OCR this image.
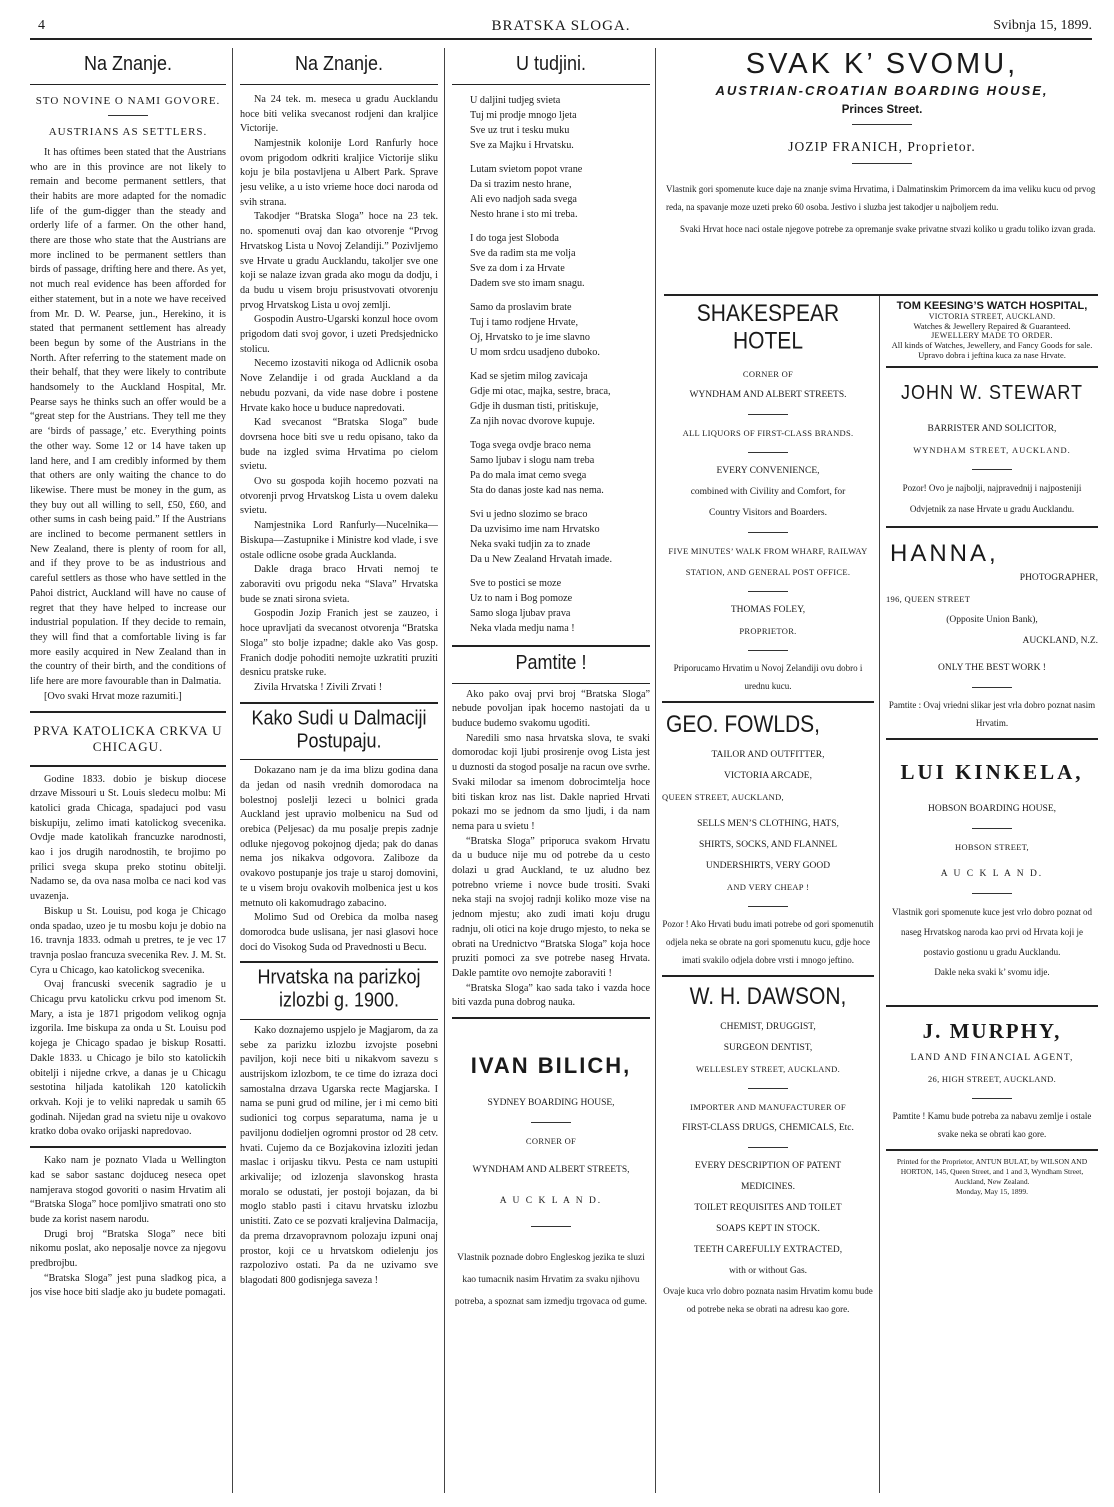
4	BRATSKA SLOGA.	Svibnja 15, 1899.
Na Znanje.
STO NOVINE O NAMI GOVORE.
AUSTRIANS AS SETTLERS.

It has oftimes been stated that the Austrians who are in this province are not likely to remain and become permanent settlers, that their habits are more adapted for the nomadic life of the gum-digger than the steady and orderly life of a farmer. On the other hand, there are those who state that the Austrians are more inclined to be permanent settlers than birds of passage, drifting here and there. As yet, not much real evidence has been afforded for either statement, but in a note we have received from Mr. D. W. Pearse, jun., Herekino, it is stated that permanent settlement has already been begun by some of the Austrians in the North. After referring to the statement made on their behalf, that they were likely to contribute handsomely to the Auckland Hospital, Mr. Pearse says he thinks such an offer would be a “great step for the Austrians. They tell me they are ‘birds of passage,’ etc. Everything points the other way. Some 12 or 14 have taken up land here, and I am credibly informed by them that others are only waiting the chance to do likewise. There must be money in the gum, as they buy out all willing to sell, £50, £60, and other sums in cash being paid.” If the Austrians are inclined to become permanent settlers in New Zealand, there is plenty of room for all, and if they prove to be as industrious and careful settlers as those who have settled in the Pahoi district, Auckland will have no cause of regret that they have helped to increase our industrial population. If they decide to remain, they will find that a comfortable living is far more easily acquired in New Zealand than in the country of their birth, and the conditions of life here are more favourable than in Dalmatia.

[Ovo svaki Hrvat moze razumiti.]

PRVA KATOLICKA CRKVA U CHICAGU.

Godine 1833. dobio je biskup diocese drzave Missouri u St. Louis sledecu molbu: Mi katolici grada Chicaga, spadajuci pod vasu biskupiju, zelimo imati katolickog svecenika. Ovdje made katolikah francuzke narodnosti, kao i jos drugih narodnostih, te brojimo po prilici svega skupa preko stotinu obitelji. Nadamo se, da ova nasa molba ce naci kod vas uvazenja.

Biskup u St. Louisu, pod koga je Chicago onda spadao, uzeo je tu mosbu koju je dobio na 16. travnja 1833. odmah u pretres, te je vec 17 travnja poslao francuza svecenika Rev. J. M. St. Cyra u Chicago, kao katolickog svecenika.

Ovaj francuski svecenik sagradio je u Chicagu prvu katolicku crkvu pod imenom St. Mary, a ista je 1871 prigodom velikog ognja izgorila. Ime biskupa za onda u St. Louisu pod kojega je Chicago spadao je biskup Rosatti. Dakle 1833. u Chicago je bilo sto katolickih obitelji i nijedne crkve, a danas je u Chicagu sestotina hiljada katolikah 120 katolickih orkvah. Koji je to veliki napredak u samih 65 godinah. Nijedan grad na svietu nije u ovakovo kratko doba ovako orijaski napredovao.

Kako nam je poznato Vlada u Wellington kad se sabor sastanc dojduceg neseca opet namjerava stogod govoriti o nasim Hrvatim ali “Bratska Sloga” hoce pomljivo smatrati ono sto bude za korist nasem narodu.

Drugi broj “Bratska Sloga” nece biti nikomu poslat, ako neposalje novce za njegovu predbrojbu.

“Bratska Sloga” jest puna sladkog pica, a jos vise hoce biti sladje ako ju budete pomagati.

Na Znanje.

Na 24 tek. m. meseca u gradu Aucklandu hoce biti velika svecanost rodjeni dan kraljice Victorije.

Namjestnik kolonije Lord Ranfurly hoce ovom prigodom odkriti kraljice Victorije sliku koju je bila postavljena u Albert Park. Sprave jesu velike, a u isto vrieme hoce doci naroda od svih strana.

Takodjer “Bratska Sloga” hoce na 23 tek. no. spomenuti ovaj dan kao otvorenje “Prvog Hrvatskog Lista u Novoj Zelandiji.” Pozivljemo sve Hrvate u gradu Aucklandu, takoljer sve one koji se nalaze izvan grada ako mogu da dodju, i da budu u visem broju prisustvovati otvorenju prvog Hrvatskog Lista u ovoj zemlji.

Gospodin Austro-Ugarski konzul hoce ovom prigodom dati svoj govor, i uzeti Predsjednicko stolicu.

Necemo izostaviti nikoga od Adlicnik osoba Nove Zelandije i od grada Auckland a da nebudu pozvani, da vide nase dobre i postene Hrvate kako hoce u buduce napredovati.

Kad svecanost “Bratska Sloga” bude dovrsena hoce biti sve u redu opisano, tako da bude na izgled svima Hrvatima po cielom svietu.

Ovo su gospoda kojih hocemo pozvati na otvorenji prvog Hrvatskog Lista u ovem daleku svietu.

Namjestnika Lord Ranfurly—Nucelnika—Biskupa—Zastupnike i Ministre kod vlade, i sve ostale odlicne osobe grada Aucklanda.

Dakle draga braco Hrvati nemoj te zaboraviti ovu prigodu neka “Slava” Hrvatska bude se znati sirona svieta.

Gospodin Jozip Franich jest se zauzeo, i hoce upravljati da svecanost otvorenja “Bratska Sloga” sto bolje izpadne; dakle ako Vas gosp. Franich dodje pohoditi nemojte uzkratiti pruziti desnicu pratske ruke.

Zivila Hrvatska ! Zivili Zrvati !

Kako Sudi u Dalmaciji Postupaju.

Dokazano nam je da ima blizu godina dana da jedan od nasih vrednih domorodaca na bolestnoj poslelji lezeci u bolnici grada Auckland jest upravio molbenicu na Sud od orebica (Peljesac) da mu posalje prepis zadnje odluke njegovog pokojnog djeda; pak do danas nema jos nikakva odgovora. Zaliboze da ovakovo postupanje jos traje u staroj domovini, te u visem broju ovakovih molbenica jest u kos metnuto oli kakomudrago zabacino.

Molimo Sud od Orebica da molba naseg domorodca bude uslisana, jer nasi glasovi hoce doci do Visokog Suda od Pravednosti u Becu.

Hrvatska na parizkoj izlozbi g. 1900.

Kako doznajemo uspjelo je Magjarom, da za sebe za parizku izlozbu izvojste posebni paviljon, koji nece biti u nikakvom savezu s austrijskom izlozbom, te ce time do izraza doci samostalna drzava Ugarska recte Magjarska. I nama se puni grud od miline, jer i mi cemo biti sudionici tog corpus separatuma, nama je u paviljonu dodieljen ogromni prostor od 28 cetv. hvati. Cujemo da ce Bozjakovina izloziti jedan maslac i orijasku tikvu. Pesta ce nam ustupiti arkivalije; od izlozenja slavonskog hrasta moralo se odustati, jer postoji bojazan, da bi moglo stablo pasti i citavu hrvatsku izlozbu unistiti. Zato ce se pozvati kraljevina Dalmacija, da prema drzavopravnom polozaju izpuni onaj prostor, koji ce u hrvatskom odielenju jos razpolozivo ostati. Pa da ne uzivamo sve blagodati 800 godisnjega saveza !

U tudjini.
U daljini tudjeg svieta
Tuj mi prodje mnogo ljeta
Sve uz trut i tesku muku
Sve za Majku i Hrvatsku.
Lutam svietom popot vrane
Da si trazim nesto hrane,
Ali evo nadjoh sada svega
Nesto hrane i sto mi treba.
I do toga jest Sloboda
Sve da radim sta me volja
Sve za dom i za Hrvate
Dadem sve sto imam snagu.
Samo da proslavim brate
Tuj i tamo rodjene Hrvate,
Oj, Hrvatsko to je ime slavno
U mom srdcu usadjeno duboko.
Kad se sjetim milog zavicaja
Gdje mi otac, majka, sestre, braca,
Gdje ih dusman tisti, pritiskuje,
Za njih novac dvorove kupuje.
Toga svega ovdje braco nema
Samo ljubav i slogu nam treba
Pa do mala imat cemo svega
Sta do danas joste kad nas nema.
Svi u jedno slozimo se braco
Da uzvisimo ime nam Hrvatsko
Neka svaki tudjin za to znade
Da u New Zealand Hrvatah imade.
Sve to postici se moze
Uz to nam i Bog pomoze
Samo sloga ljubav prava
Neka vlada medju nama !
Pamtite !

Ako pako ovaj prvi broj “Bratska Sloga” nebude povoljan ipak hocemo nastojati da u buduce budemo svakomu ugoditi.

Naredili smo nasa hrvatska slova, te svaki domorodac koji ljubi prosirenje ovog Lista jest u duznosti da stogod posalje na racun ove svrhe. Svaki milodar sa imenom dobrocimtelja hoce biti tiskan kroz nas list. Dakle napried Hrvati pokazi mo se jednom da smo ljudi, i da nam nema para u svietu !

“Bratska Sloga” priporuca svakom Hrvatu da u buduce nije mu od potrebe da u cesto dolazi u grad Auckland, te uz aludno bez potrebno vrieme i novce bude trositi. Svaki neka staji na svojoj radnji koliko moze vise na jednom mjestu; ako zudi imati koju drugu radnju, oli otici na koje drugo mjesto, to neka se obrati na Urednictvo “Bratska Sloga” koja hoce pruziti pomoci za sve potrebe naseg Hrvata. Dakle pamtite ovo nemojte zaboraviti !

“Bratska Sloga” kao sada tako i vazda hoce biti vazda puna dobrog nauka.

IVAN BILICH,
SYDNEY BOARDING HOUSE,
CORNER OF
WYNDHAM AND ALBERT STREETS,
A U C K L A N D.
Vlastnik poznade dobro Engleskog jezika te sluzi kao tumacnik nasim Hrvatim za svaku njihovu potreba, a spoznat sam izmedju trgovaca od gume.
SVAK K’ SVOMU,
AUSTRIAN-CROATIAN BOARDING HOUSE,
Princes Street.
JOZIP FRANICH, Proprietor.
Vlastnik gori spomenute kuce daje na znanje svima Hrvatima, i Dalmatinskim Primorcem da ima veliku kucu od prvog reda, na spavanje moze uzeti preko 60 osoba. Jestivo i sluzba jest takodjer u najboljem redu.
Svaki Hrvat hoce naci ostale njegove potrebe za opremanje svake privatne stvazi koliko u gradu toliko izvan grada.
SHAKESPEAR HOTEL
CORNER OF
WYNDHAM AND ALBERT STREETS.
ALL LIQUORS OF FIRST-CLASS BRANDS.
EVERY CONVENIENCE,
combined with Civility and Comfort, for
Country Visitors and Boarders.
FIVE MINUTES’ WALK FROM WHARF, RAILWAY
STATION, AND GENERAL POST OFFICE.
THOMAS FOLEY,
PROPRIETOR.
Priporucamo Hrvatim u Novoj Zelandiji ovu dobro i urednu kucu.
GEO. FOWLDS,
TAILOR AND OUTFITTER,
VICTORIA ARCADE,
QUEEN STREET, AUCKLAND,
SELLS MEN’S CLOTHING, HATS,
SHIRTS, SOCKS, AND FLANNEL
UNDERSHIRTS, VERY GOOD
AND VERY CHEAP !
Pozor ! Ako Hrvati budu imati potrebe od gori spomenutih odjela neka se obrate na gori spomenutu kucu, gdje hoce imati svakilo odjela dobre vrsti i mnogo jeftino.
W. H. DAWSON,
CHEMIST, DRUGGIST,
SURGEON DENTIST,
WELLESLEY STREET, AUCKLAND.
IMPORTER AND MANUFACTURER OF
FIRST-CLASS DRUGS, CHEMICALS, Etc.
EVERY DESCRIPTION OF PATENT
MEDICINES.
TOILET REQUISITES AND TOILET
SOAPS KEPT IN STOCK.
TEETH CAREFULLY EXTRACTED,
with or without Gas.
Ovaje kuca vrlo dobro poznata nasim Hrvatim komu bude od potrebe neka se obrati na adresu kao gore.
TOM KEESING’S WATCH HOSPITAL,
VICTORIA STREET, AUCKLAND.
Watches & Jewellery Repaired & Guaranteed.
JEWELLERY MADE TO ORDER.
All kinds of Watches, Jewellery, and Fancy Goods for sale.
Upravo dobra i jeftina kuca za nase Hrvate.
JOHN W. STEWART
BARRISTER AND SOLICITOR,
WYNDHAM STREET, AUCKLAND.
Pozor! Ovo je najbolji, najpravednij i najposteniji Odvjetnik za nase Hrvate u gradu Aucklandu.
HANNA,
PHOTOGRAPHER,
196, QUEEN STREET
(Opposite Union Bank),
AUCKLAND, N.Z.
ONLY THE BEST WORK !
Pamtite : Ovaj vriedni slikar jest vrla dobro poznat nasim Hrvatim.
LUI KINKELA,
HOBSON BOARDING HOUSE,
HOBSON STREET,
A U C K L A N D.
Vlastnik gori spomenute kuce jest vrlo dobro poznat od naseg Hrvatskog naroda kao prvi od Hrvata koji je postavio gostionu u gradu Aucklandu.
Dakle neka svaki k’ svomu idje.
J. MURPHY,
LAND AND FINANCIAL AGENT,
26, HIGH STREET, AUCKLAND.
Pamtite ! Kamu bude potreba za nabavu zemlje i ostale svake neka se obrati kao gore.
Printed for the Proprietor, ANTUN BULAT, by WILSON AND HORTON, 145, Queen Street, and 1 and 3, Wyndham Street, Auckland, New Zealand.
Monday, May 15, 1899.
